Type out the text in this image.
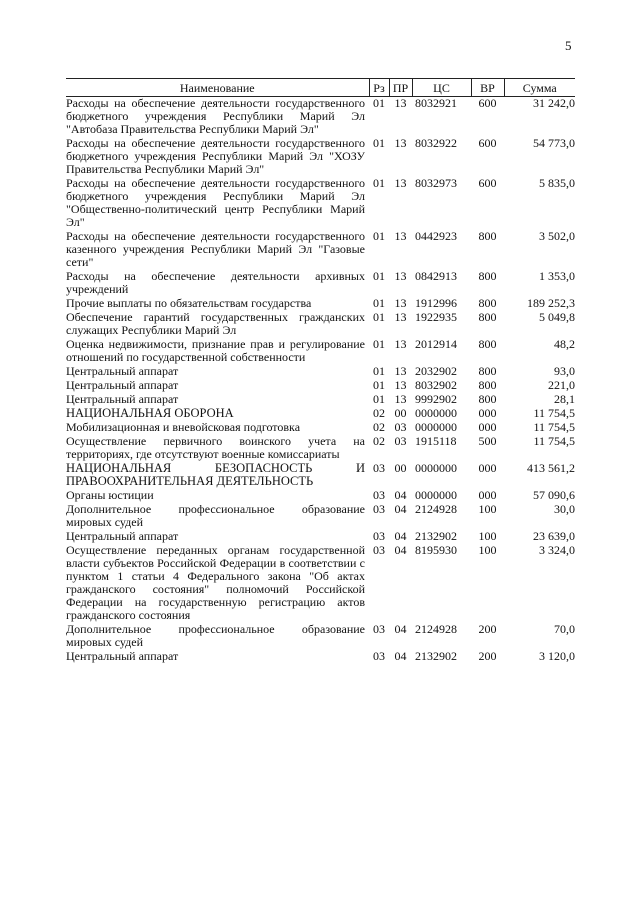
5
Наименование	Рз	ПР	ЦС	ВР	Сумма
Расходы на обеспечение деятельности государственного бюджетного учреждения Республики Марий Эл "Автобаза Правительства Республики Марий Эл"	01	13	8032921	600	31 242,0
Расходы на обеспечение деятельности государственного бюджетного учреждения Республики Марий Эл "ХОЗУ Правительства Республики Марий Эл"	01	13	8032922	600	54 773,0
Расходы на обеспечение деятельности государственного бюджетного учреждения Республики Марий Эл "Общественно-политический центр Республики Марий Эл"	01	13	8032973	600	5 835,0
Расходы на обеспечение деятельности государственного казенного учреждения Республики Марий Эл "Газовые сети"	01	13	0442923	800	3 502,0
Расходы на обеспечение деятельности архивных учреждений	01	13	0842913	800	1 353,0
Прочие выплаты по обязательствам государства	01	13	1912996	800	189 252,3
Обеспечение гарантий государственных гражданских служащих Республики Марий Эл	01	13	1922935	800	5 049,8
Оценка недвижимости, признание прав и регулирование отношений по государственной собственности	01	13	2012914	800	48,2
Центральный аппарат	01	13	2032902	800	93,0
Центральный аппарат	01	13	8032902	800	221,0
Центральный аппарат	01	13	9992902	800	28,1
НАЦИОНАЛЬНАЯ ОБОРОНА	02	00	0000000	000	11 754,5
Мобилизационная и вневойсковая подготовка	02	03	0000000	000	11 754,5
Осуществление первичного воинского учета на территориях, где отсутствуют военные комиссариаты	02	03	1915118	500	11 754,5
НАЦИОНАЛЬНАЯ БЕЗОПАСНОСТЬ И ПРАВООХРАНИТЕЛЬНАЯ ДЕЯТЕЛЬНОСТЬ	03	00	0000000	000	413 561,2
Органы юстиции	03	04	0000000	000	57 090,6
Дополнительное профессиональное образование мировых судей	03	04	2124928	100	30,0
Центральный аппарат	03	04	2132902	100	23 639,0
Осуществление переданных органам государственной власти субъектов Российской Федерации в соответствии с пунктом 1 статьи 4 Федерального закона "Об актах гражданского состояния" полномочий Российской Федерации на государственную регистрацию актов гражданского состояния	03	04	8195930	100	3 324,0
Дополнительное профессиональное образование мировых судей	03	04	2124928	200	70,0
Центральный аппарат	03	04	2132902	200	3 120,0
